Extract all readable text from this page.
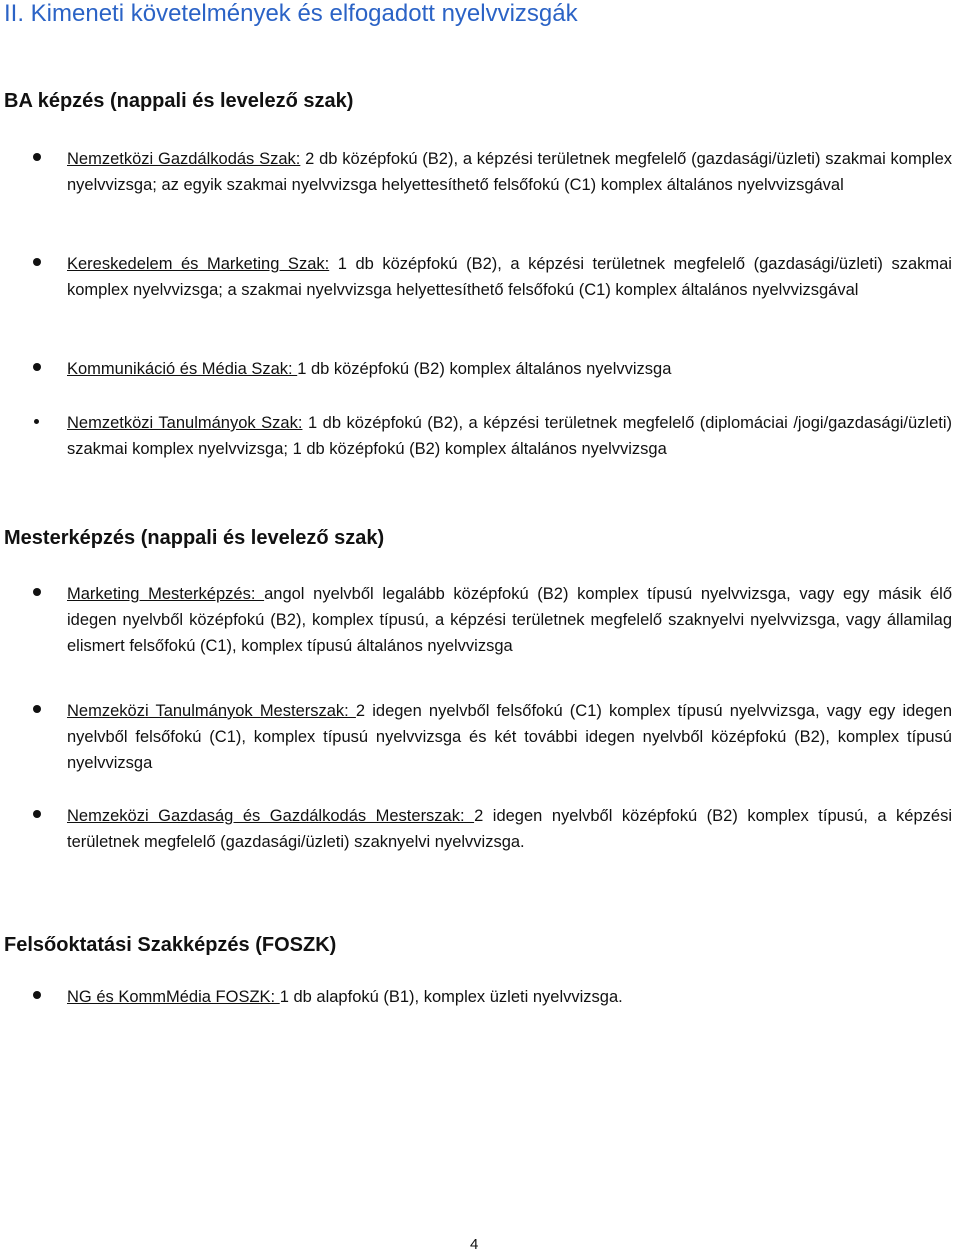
II. Kimeneti követelmények és elfogadott nyelvvizsgák
BA képzés (nappali és levelező szak)

Nemzetközi Gazdálkodás Szak: 2 db középfokú (B2), a képzési területnek megfelelő (gazdasági/üzleti) szakmai komplex nyelvvizsga; az egyik szakmai nyelvvizsga helyettesíthető felsőfokú (C1) komplex általános nyelvvizsgával

Kereskedelem és Marketing Szak: 1 db középfokú (B2), a képzési területnek megfelelő (gazdasági/üzleti) szakmai komplex nyelvvizsga; a szakmai nyelvvizsga helyettesíthető felsőfokú (C1) komplex általános nyelvvizsgával

Kommunikáció és Média Szak: 1 db középfokú (B2) komplex általános nyelvvizsga

Nemzetközi Tanulmányok Szak: 1 db középfokú (B2), a képzési területnek megfelelő (diplomáciai /jogi/gazdasági/üzleti) szakmai komplex nyelvvizsga; 1 db középfokú (B2) komplex általános nyelvvizsga

Mesterképzés (nappali és levelező szak)

Marketing Mesterképzés: angol nyelvből legalább középfokú (B2) komplex típusú nyelvvizsga, vagy egy másik élő idegen nyelvből középfokú (B2), komplex típusú, a képzési területnek megfelelő szaknyelvi nyelvvizsga, vagy államilag elismert felsőfokú (C1), komplex típusú általános nyelvvizsga

Nemzeközi Tanulmányok Mesterszak: 2 idegen nyelvből felsőfokú (C1) komplex típusú nyelvvizsga, vagy egy idegen nyelvből felsőfokú (C1), komplex típusú nyelvvizsga és két további idegen nyelvből középfokú (B2), komplex típusú nyelvvizsga

Nemzeközi Gazdaság és Gazdálkodás Mesterszak: 2 idegen nyelvből középfokú (B2) komplex típusú, a képzési területnek megfelelő (gazdasági/üzleti) szaknyelvi nyelvvizsga.

Felsőoktatási Szakképzés (FOSZK)

NG és KommMédia FOSZK: 1 db alapfokú (B1), komplex üzleti nyelvvizsga.

4
